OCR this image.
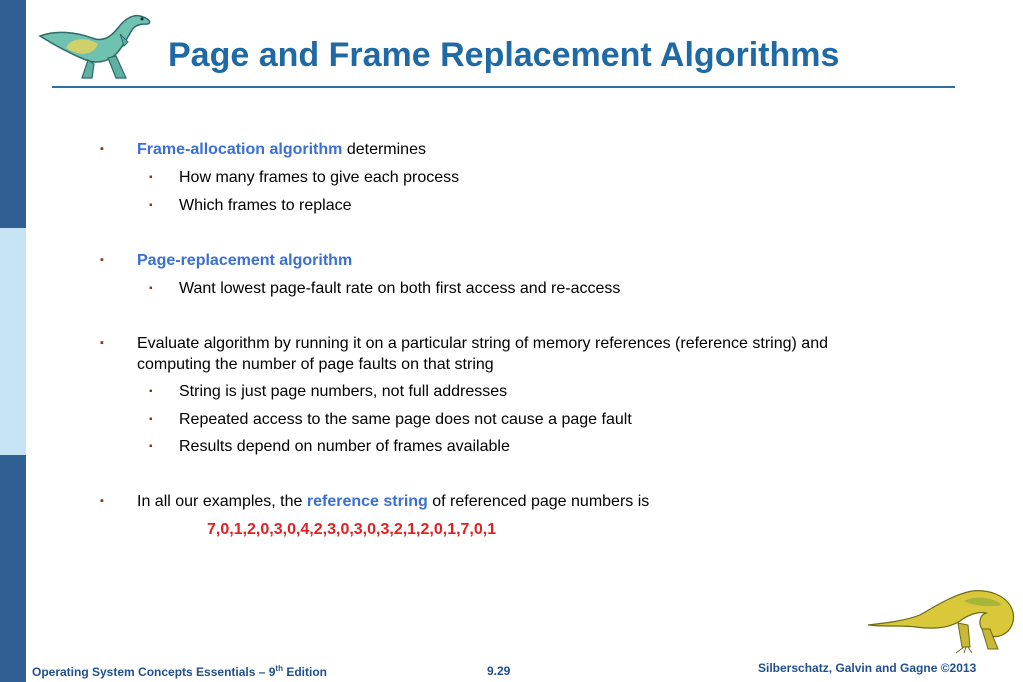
Page and Frame Replacement Algorithms
▪ Frame-allocation algorithm determines
▪ How many frames to give each process
▪ Which frames to replace
▪ Page-replacement algorithm
▪ Want lowest page-fault rate on both first access and re-access
▪ Evaluate algorithm by running it on a particular string of memory references (reference string) and
computing the number of page faults on that string
▪ String is just page numbers, not full addresses
▪ Repeated access to the same page does not cause a page fault
▪ Results depend on number of frames available
▪ In all our examples, the reference string of referenced page numbers is
7,0,1,2,0,3,0,4,2,3,0,3,0,3,2,1,2,0,1,7,0,1
Operating System Concepts Essentials – 9th Edition	9.29	Silberschatz, Galvin and Gagne ©2013
